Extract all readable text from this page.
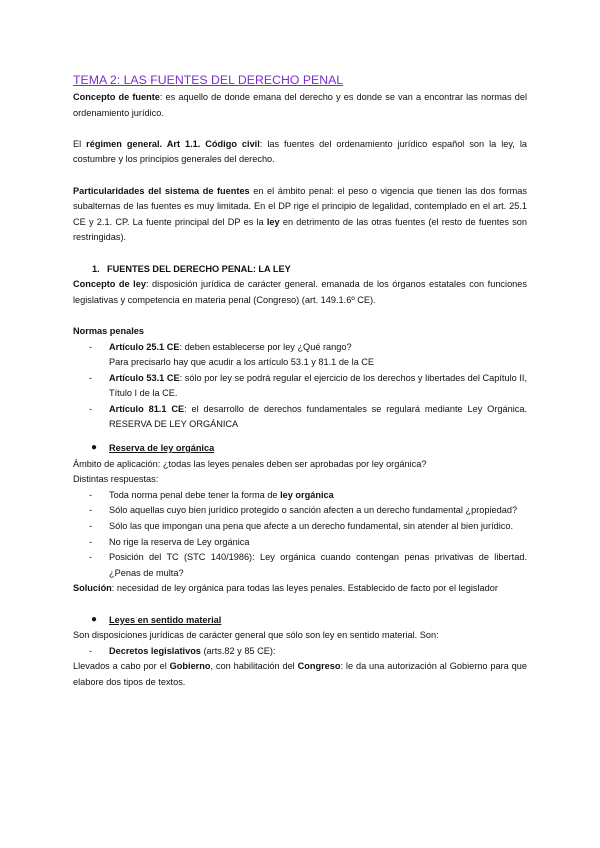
TEMA 2: LAS FUENTES DEL DERECHO PENAL

Concepto de fuente: es aquello de donde emana del derecho y es donde se van a encontrar las normas del ordenamiento jurídico.

El régimen general. Art 1.1. Código civil: las fuentes del ordenamiento jurídico español son la ley, la costumbre y los principios generales del derecho.

Particularidades del sistema de fuentes en el ámbito penal: el peso o vigencia que tienen las dos formas subalternas de las fuentes es muy limitada. En el DP rige el principio de legalidad, contemplado en el art. 25.1 CE y 2.1. CP. La fuente principal del DP es la ley en detrimento de las otras fuentes (el resto de fuentes son restringidas).

1. FUENTES DEL DERECHO PENAL: LA LEY

Concepto de ley: disposición jurídica de carácter general. emanada de los órganos estatales con funciones legislativas y competencia en materia penal (Congreso) (art. 149.1.6º CE).

Normas penales

- Artículo 25.1 CE: deben establecerse por ley ¿Qué rango?
Para precisarlo hay que acudir a los artículo 53.1 y 81.1 de la CE
- Artículo 53.1 CE: sólo por ley se podrá regular el ejercicio de los derechos y libertades del Capítulo II, Título I de la CE.
- Artículo 81.1 CE: el desarrollo de derechos fundamentales se regulará mediante Ley Orgánica. RESERVA DE LEY ORGÁNICA
● Reserva de ley orgánica

Ámbito de aplicación: ¿todas las leyes penales deben ser aprobadas por ley orgánica?

Distintas respuestas:

- Toda norma penal debe tener la forma de ley orgánica
- Sólo aquellas cuyo bien jurídico protegido o sanción afecten a un derecho fundamental ¿propiedad?
- Sólo las que impongan una pena que afecte a un derecho fundamental, sin atender al bien jurídico.
- No rige la reserva de Ley orgánica
- Posición del TC (STC 140/1986): Ley orgánica cuando contengan penas privativas de libertad. ¿Penas de multa?

Solución: necesidad de ley orgánica para todas las leyes penales. Establecido de facto por el legislador

● Leyes en sentido material

Son disposiciones jurídicas de carácter general que sólo son ley en sentido material. Son:

- Decretos legislativos (arts.82 y 85 CE):

Llevados a cabo por el Gobierno, con habilitación del Congreso: le da una autorización al Gobierno para que elabore dos tipos de textos.
